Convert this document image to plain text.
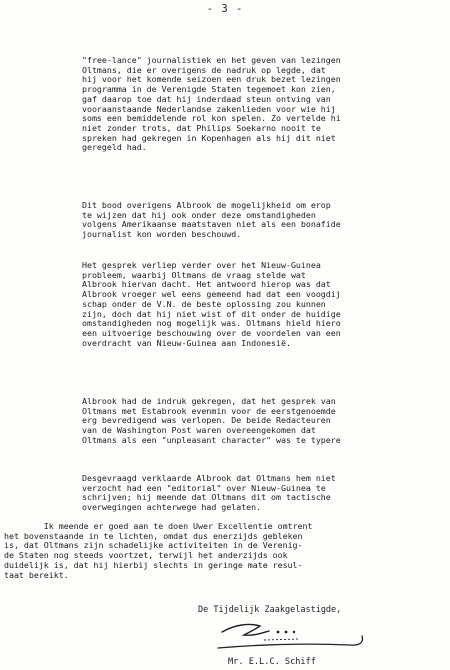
- 3 -

"free-lance" journalistiek en het geven van lezingen
Oltmans, die er overigens de nadruk op legde, dat
hij voor het komende seizoen een druk bezet lezingen
programma in de Verenigde Staten tegemoet kon zien,
gaf daarop toe dat hij inderdaad steun ontving van
vooraanstaande Nederlandse zakenlieden voor wie hij
soms een bemiddelende rol kon spelen. Zo vertelde hi
niet zonder trots, dat Philips Soekarno nooit te
spreken had gekregen in Kopenhagen als hij dit niet
geregeld had.

Dit bood overigens Albrook de mogelijkheid om erop
te wijzen dat hij ook onder deze omstandigheden
volgens Amerikaanse maatstaven niet als een bonafide
journalist kon worden beschouwd.

Het gesprek verliep verder over het Nieuw-Guinea
probleem, waarbij Oltmans de vraag stelde wat
Albrook hiervan dacht. Het antwoord hierop was dat
Albrook vroeger wel eens gemeend had dat een voogdij
schap onder de V.N. de beste oplossing zou kunnen
zijn, doch dat hij niet wist of dit onder de huidige
omstandigheden nog mogelijk was. Oltmans hield hiero
een uitvoerige beschouwing over de voordelen van een
overdracht van Nieuw-Guinea aan Indonesië.

Albrook had de indruk gekregen, dat het gesprek van
Oltmans met Estabrook evenmin voor de eerstgenoemde
erg bevredigend was verlopen. De beide Redacteuren
van de Washington Post waren overeengekomen dat
Oltmans als een "unpleasant character" was te typere

Desgevraagd verklaarde Albrook dat Oltmans hem niet
verzocht had een "editorial" over Nieuw-Guinea te
schrijven; hij meende dat Oltmans dit om tactische
overwegingen achterwege had gelaten.

Ik meende er goed aan te doen Uwer Excellentie omtrent
het bovenstaande in te lichten, omdat dus enerzijds gebleken
is, dat Oltmans zijn schadelijke activiteiten in de Verenig-
de Staten nog steeds voortzet, terwijl het anderzijds ook
duidelijk is, dat hij hierbij slechts in geringe mate resul-
taat bereikt.

De Tijdelijk Zaakgelastigde,
Mr. E.L.C. Schiff
